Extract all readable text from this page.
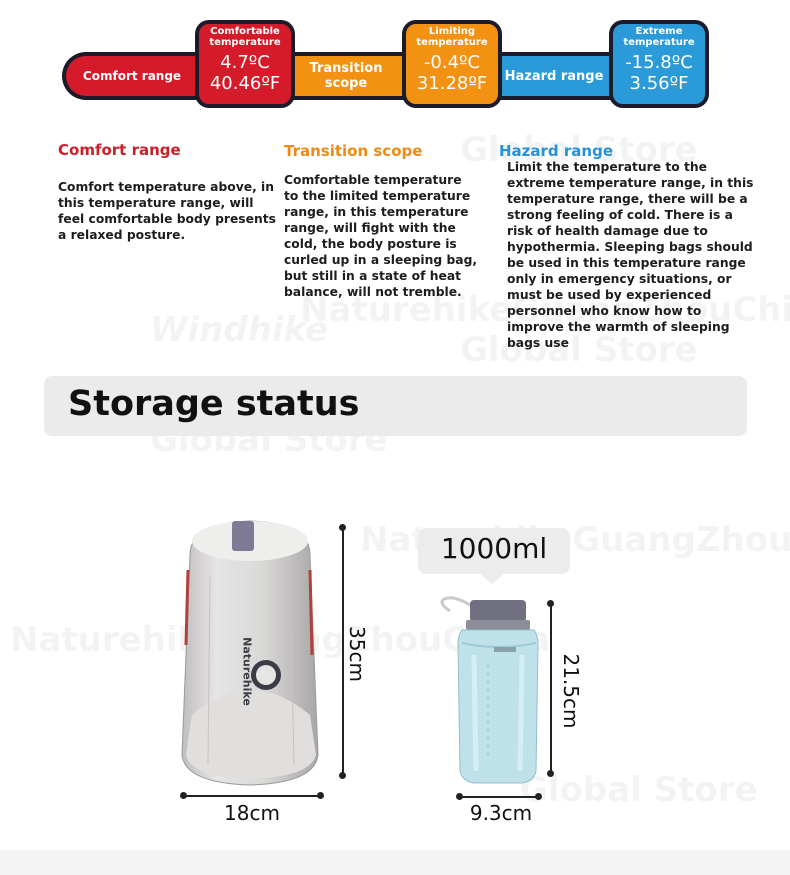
Comfort range	Transition scope	Hazard range
Comfortable temperature
4.7ºC
40.46ºF
Limiting temperature
-0.4ºC
31.28ºF
Extreme temperature
-15.8ºC
3.56ºF
Comfort range

Comfort temperature above, in this temperature range, will feel comfortable body presents a relaxed posture.

Transition scope

Comfortable temperature to the limited temperature range, in this temperature range, will fight with the cold, the body posture is curled up in a sleeping bag, but still in a state of heat balance, will not tremble.

Hazard range

Limit the temperature to the extreme temperature range, in this temperature range, there will be a strong feeling of cold. There is a risk of health damage due to hypothermia. Sleeping bags should be used in this temperature range only in emergency situations, or must be used by experienced personnel who know how to improve the warmth of sleeping bags use

Storage status
Naturehike	35cm
18cm
1000ml
21.5cm
9.3cm
